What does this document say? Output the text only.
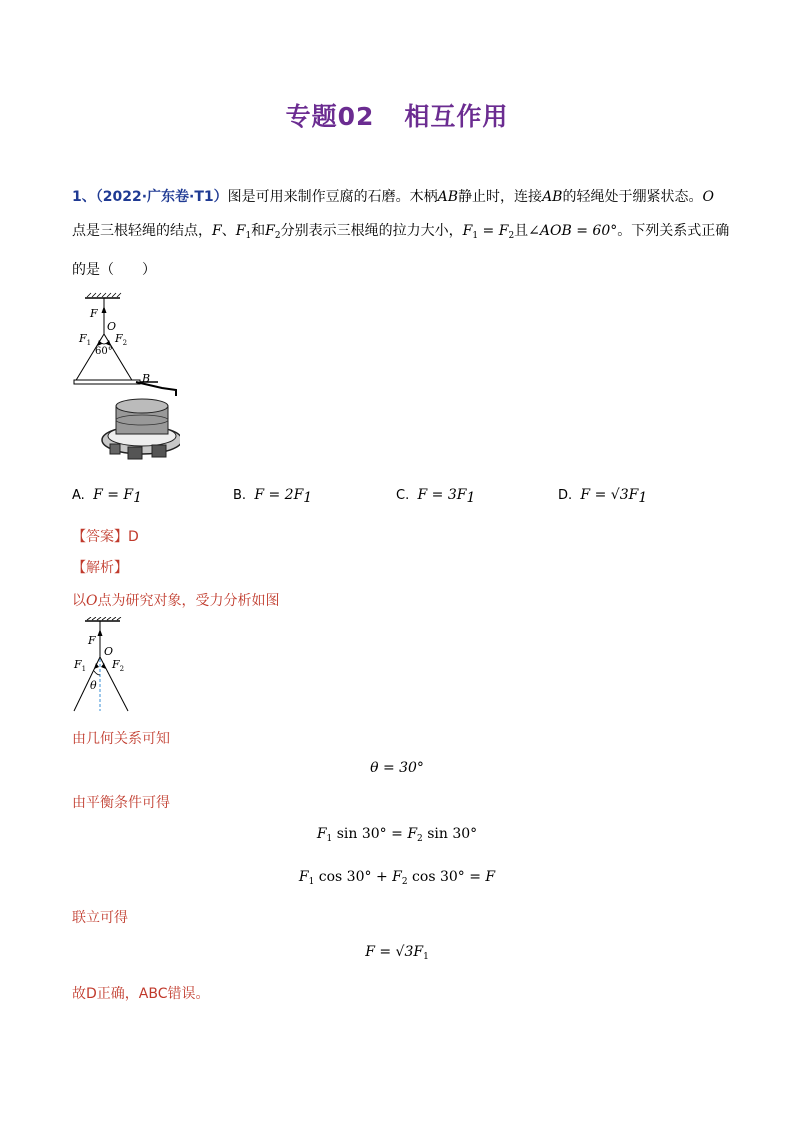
专题02 相互作用
1、（2022·广东卷·T1）图是可用来制作豆腐的石磨。木柄AB静止时，连接AB的轻绳处于绷紧状态。O
点是三根轻绳的结点，F、$F_1$和$F_2$分别表示三根绳的拉力大小，$F_1 = F_2$且∠AOB = 60°。下列关系式正确
的是（　　）
F
O
$F_1$ $F_2$
60°
B
A. F = F1	B. F = 2F1	C. F = 3F1	D. F = √3F1
【答案】D
【解析】
以O点为研究对象，受力分析如图
F
O
$F_1$ $F_2$
θ
由几何关系可知
θ = 30°
由平衡条件可得
$F_1$ $\sin 30^\circ = F_2$ sin 30°
$F_1$ $\cos 30^\circ + F_2$ cos 30° = F
联立可得
$F = √3F_1$
故D正确，ABC错误。
